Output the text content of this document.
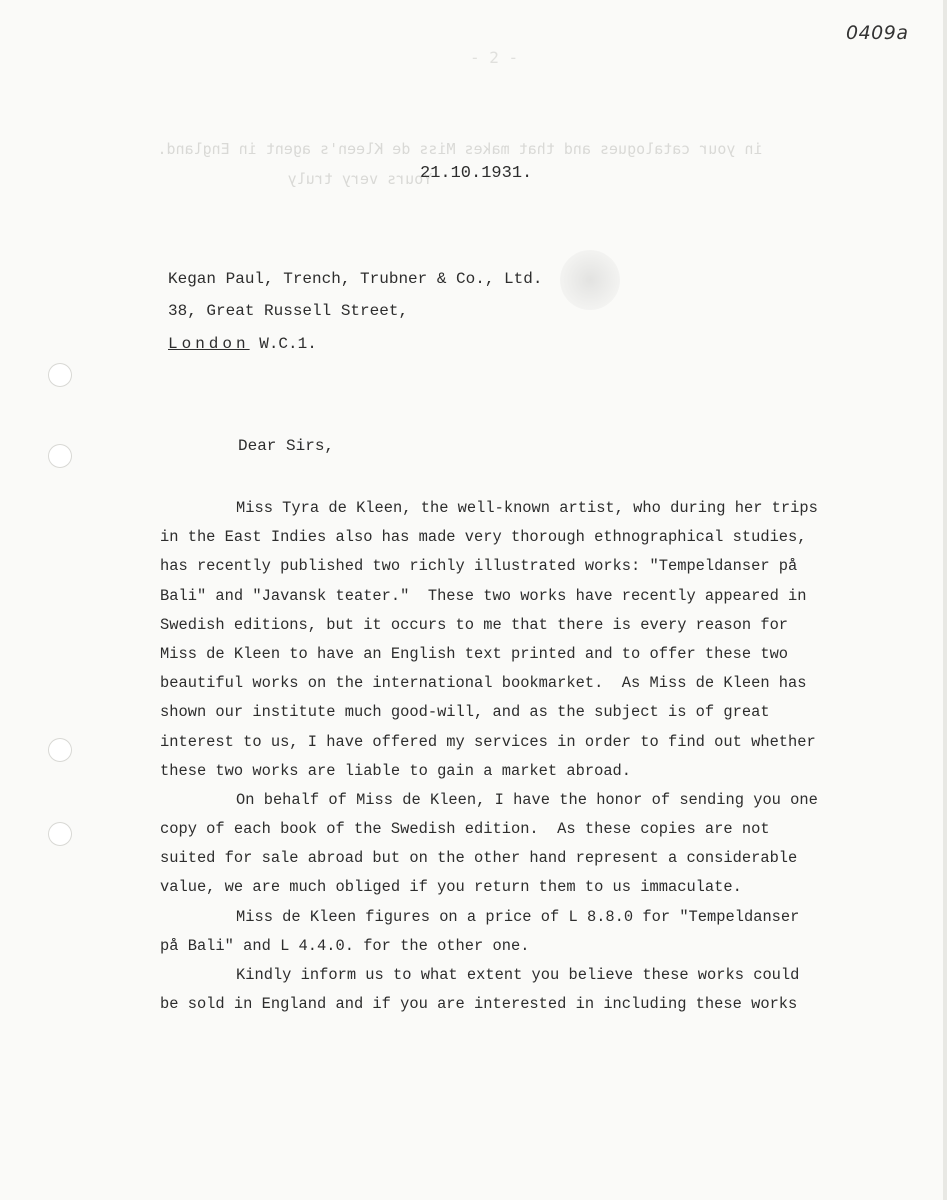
- 2 -
in your catalogues and that makes Miss de Kleen's agent in England.
Yours very truly
0409a
21.10.1931.
Kegan Paul, Trench, Trubner & Co., Ltd.
38, Great Russell Street,
London W.C.1.
Dear Sirs,
Miss Tyra de Kleen, the well-known artist, who during her trips
in the East Indies also has made very thorough ethnographical studies,
has recently published two richly illustrated works: "Tempeldanser på
Bali" and "Javansk teater."  These two works have recently appeared in
Swedish editions, but it occurs to me that there is every reason for
Miss de Kleen to have an English text printed and to offer these two
beautiful works on the international bookmarket.  As Miss de Kleen has
shown our institute much good-will, and as the subject is of great
interest to us, I have offered my services in order to find out whether
these two works are liable to gain a market abroad.
On behalf of Miss de Kleen, I have the honor of sending you one
copy of each book of the Swedish edition.  As these copies are not
suited for sale abroad but on the other hand represent a considerable
value, we are much obliged if you return them to us immaculate.
Miss de Kleen figures on a price of L 8.8.0 for "Tempeldanser
på Bali" and L 4.4.0. for the other one.
Kindly inform us to what extent you believe these works could
be sold in England and if you are interested in including these works
